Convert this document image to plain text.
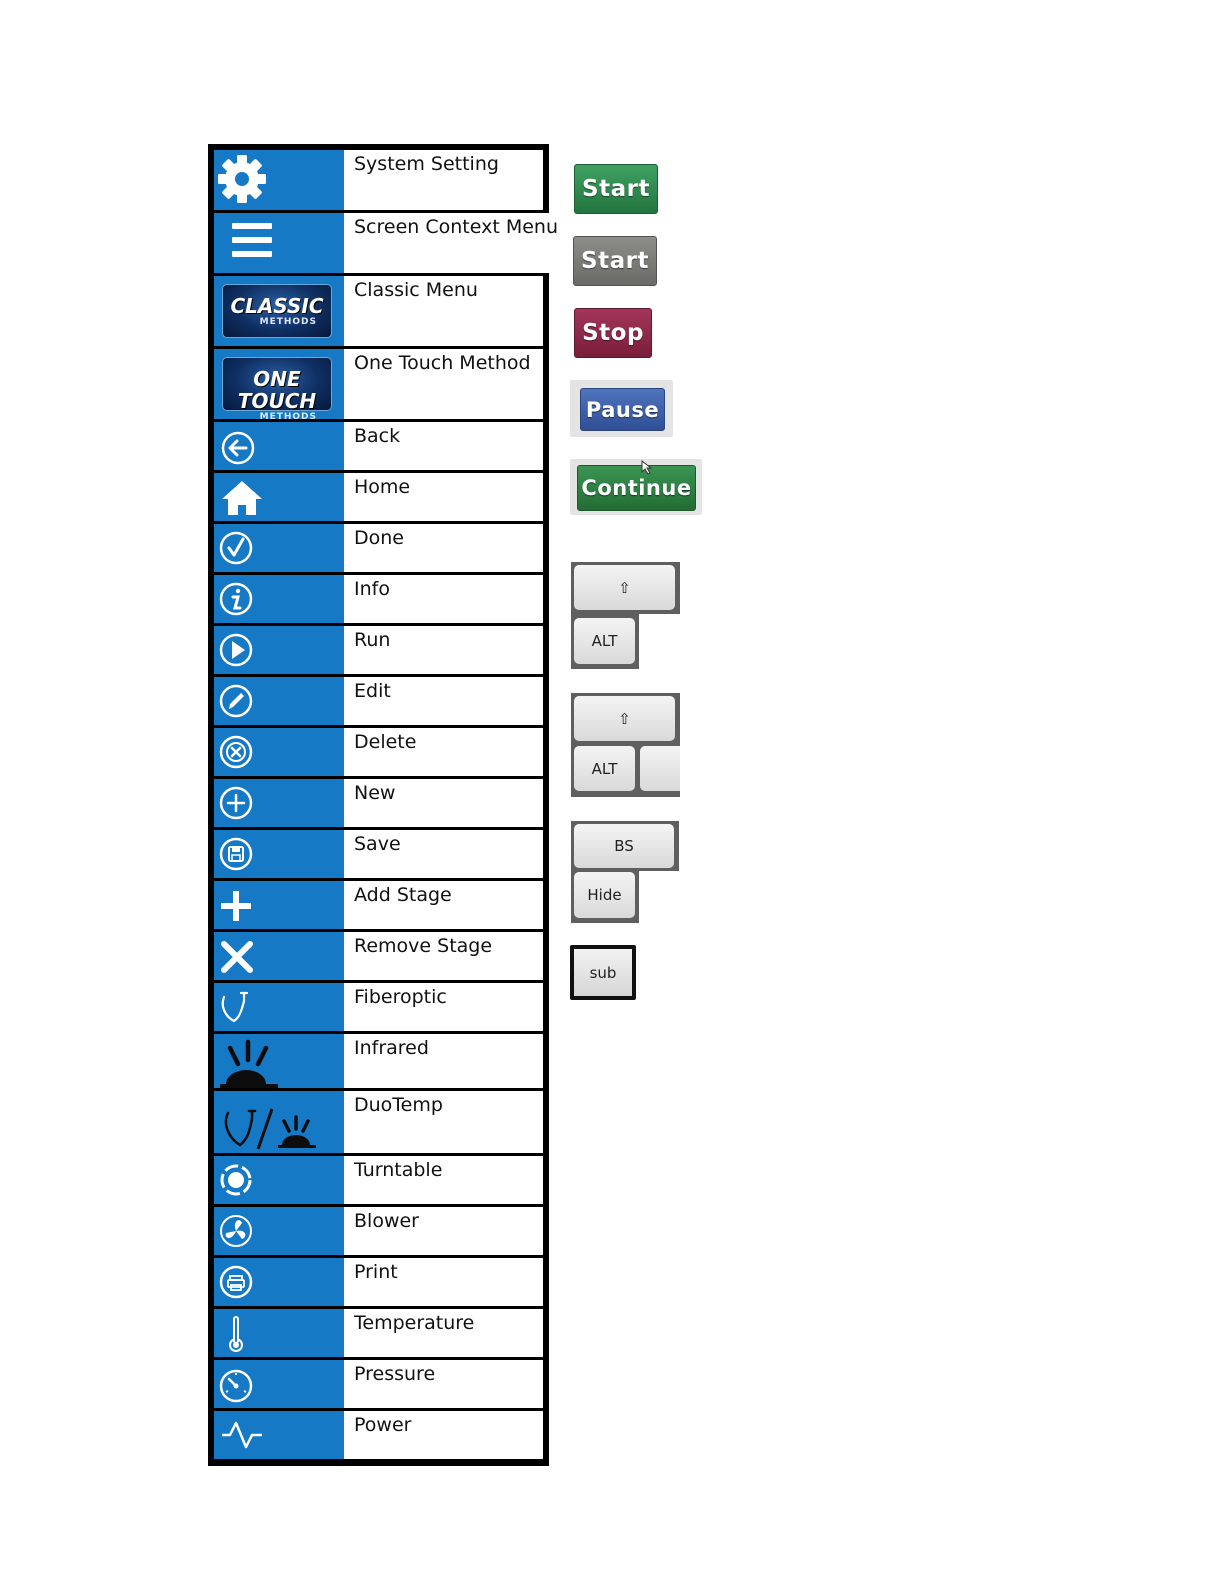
System Setting
Screen Context Menu
CLASSIC
METHODS
Classic Menu
ONE TOUCH
METHODS
One Touch Method
Back
Home
Done
Info
Run
Edit
Delete
New
Save
Add Stage
Remove Stage
Fiberoptic
Infrared
DuoTemp
Turntable
Blower
Print
Temperature
Pressure
Power
Start
Start
Stop
Pause
Continue
⇧
ALT
⇧
ALT
BS
Hide
sub
